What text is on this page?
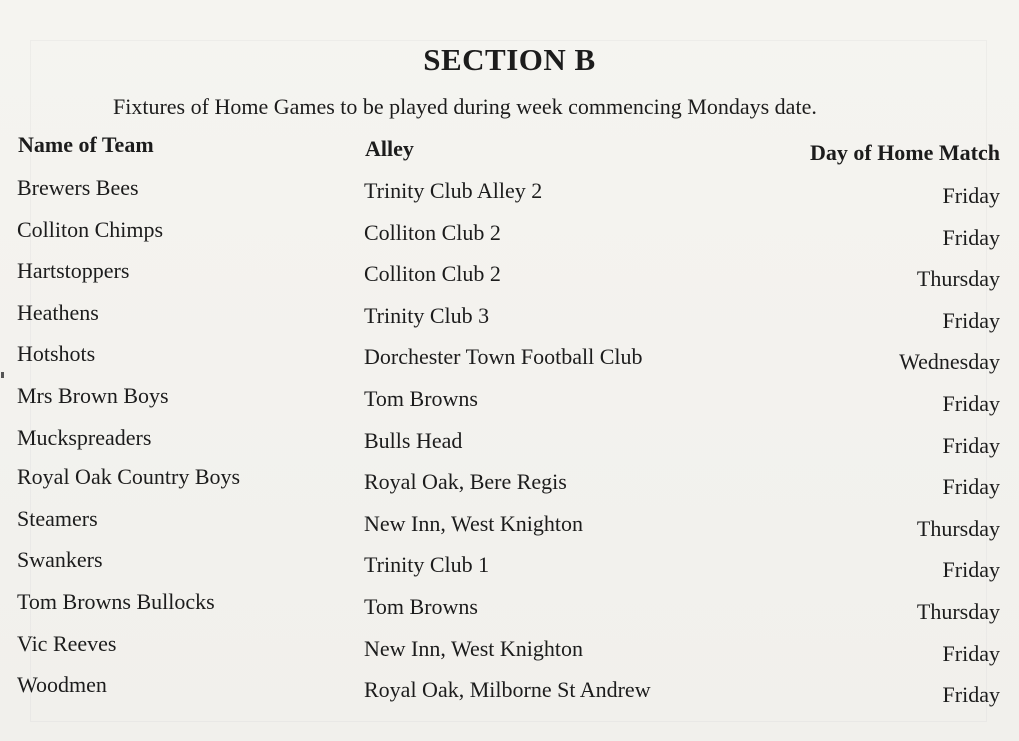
SECTION B
Fixtures of Home Games to be played during week commencing Mondays date.
Name of Team	Alley	Day of Home Match
Brewers Bees	Trinity Club Alley 2	Friday
Colliton Chimps	Colliton Club 2	Friday
Hartstoppers	Colliton Club 2	Thursday
Heathens	Trinity Club 3	Friday
Hotshots	Dorchester Town Football Club	Wednesday
Mrs Brown Boys	Tom Browns	Friday
Muckspreaders	Bulls Head	Friday
Royal Oak Country Boys	Royal Oak, Bere Regis	Friday
Steamers	New Inn, West Knighton	Thursday
Swankers	Trinity Club 1	Friday
Tom Browns Bullocks	Tom Browns	Thursday
Vic Reeves	New Inn, West Knighton	Friday
Woodmen	Royal Oak, Milborne St Andrew	Friday
